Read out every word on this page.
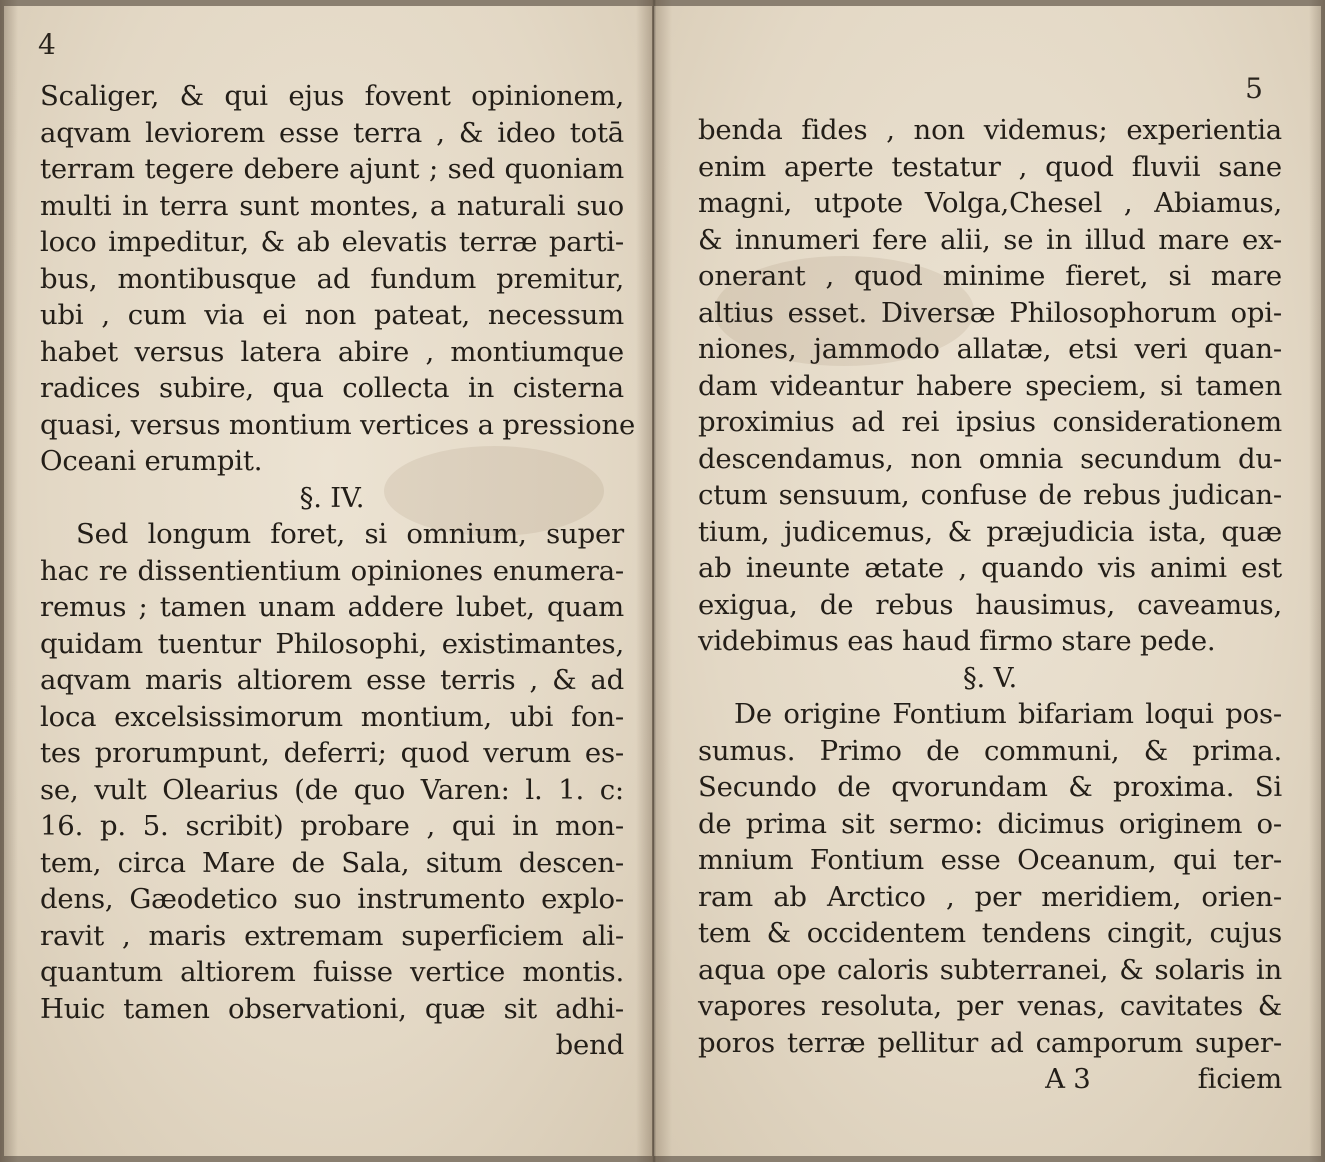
4
Scaliger, & qui ejus fovent opinionem,
aqvam leviorem esse terra , & ideo totā
terram tegere debere ajunt ; sed quoniam
multi in terra sunt montes, a naturali suo
loco impeditur, & ab elevatis terræ parti-
bus, montibusque ad fundum premitur,
ubi , cum via ei non pateat, necessum
habet versus latera abire , montiumque
radices subire, qua collecta in cisterna
quasi, versus montium vertices a pressione
Oceani erumpit.
§. IV.
Sed longum foret, si omnium, super
hac re dissentientium opiniones enumera-
remus ; tamen unam addere lubet, quam
quidam tuentur Philosophi, existimantes,
aqvam maris altiorem esse terris , & ad
loca excelsissimorum montium, ubi fon-
tes prorumpunt, deferri; quod verum es-
se, vult Olearius (de quo Varen: l. 1. c:
16. p. 5. scribit) probare , qui in mon-
tem, circa Mare de Sala, situm descen-
dens, Gæodetico suo instrumento explo-
ravit , maris extremam superficiem ali-
quantum altiorem fuisse vertice montis.
Huic tamen observationi, quæ sit adhi-
bend
5
benda fides , non videmus; experientia
enim aperte testatur , quod fluvii sane
magni, utpote Volga,Chesel , Abiamus,
& innumeri fere alii, se in illud mare ex-
onerant , quod minime fieret, si mare
altius esset. Diversæ Philosophorum opi-
niones, jammodo allatæ, etsi veri quan-
dam videantur habere speciem, si tamen
proximius ad rei ipsius considerationem
descendamus, non omnia secundum du-
ctum sensuum, confuse de rebus judican-
tium, judicemus, & præjudicia ista, quæ
ab ineunte ætate , quando vis animi est
exigua, de rebus hausimus, caveamus,
videbimus eas haud firmo stare pede.
§. V.
De origine Fontium bifariam loqui pos-
sumus. Primo de communi, & prima.
Secundo de qvorundam & proxima. Si
de prima sit sermo: dicimus originem o-
mnium Fontium esse Oceanum, qui ter-
ram ab Arctico , per meridiem, orien-
tem & occidentem tendens cingit, cujus
aqua ope caloris subterranei, & solaris in
vapores resoluta, per venas, cavitates &
poros terræ pellitur ad camporum super-
A 3	ficiem
